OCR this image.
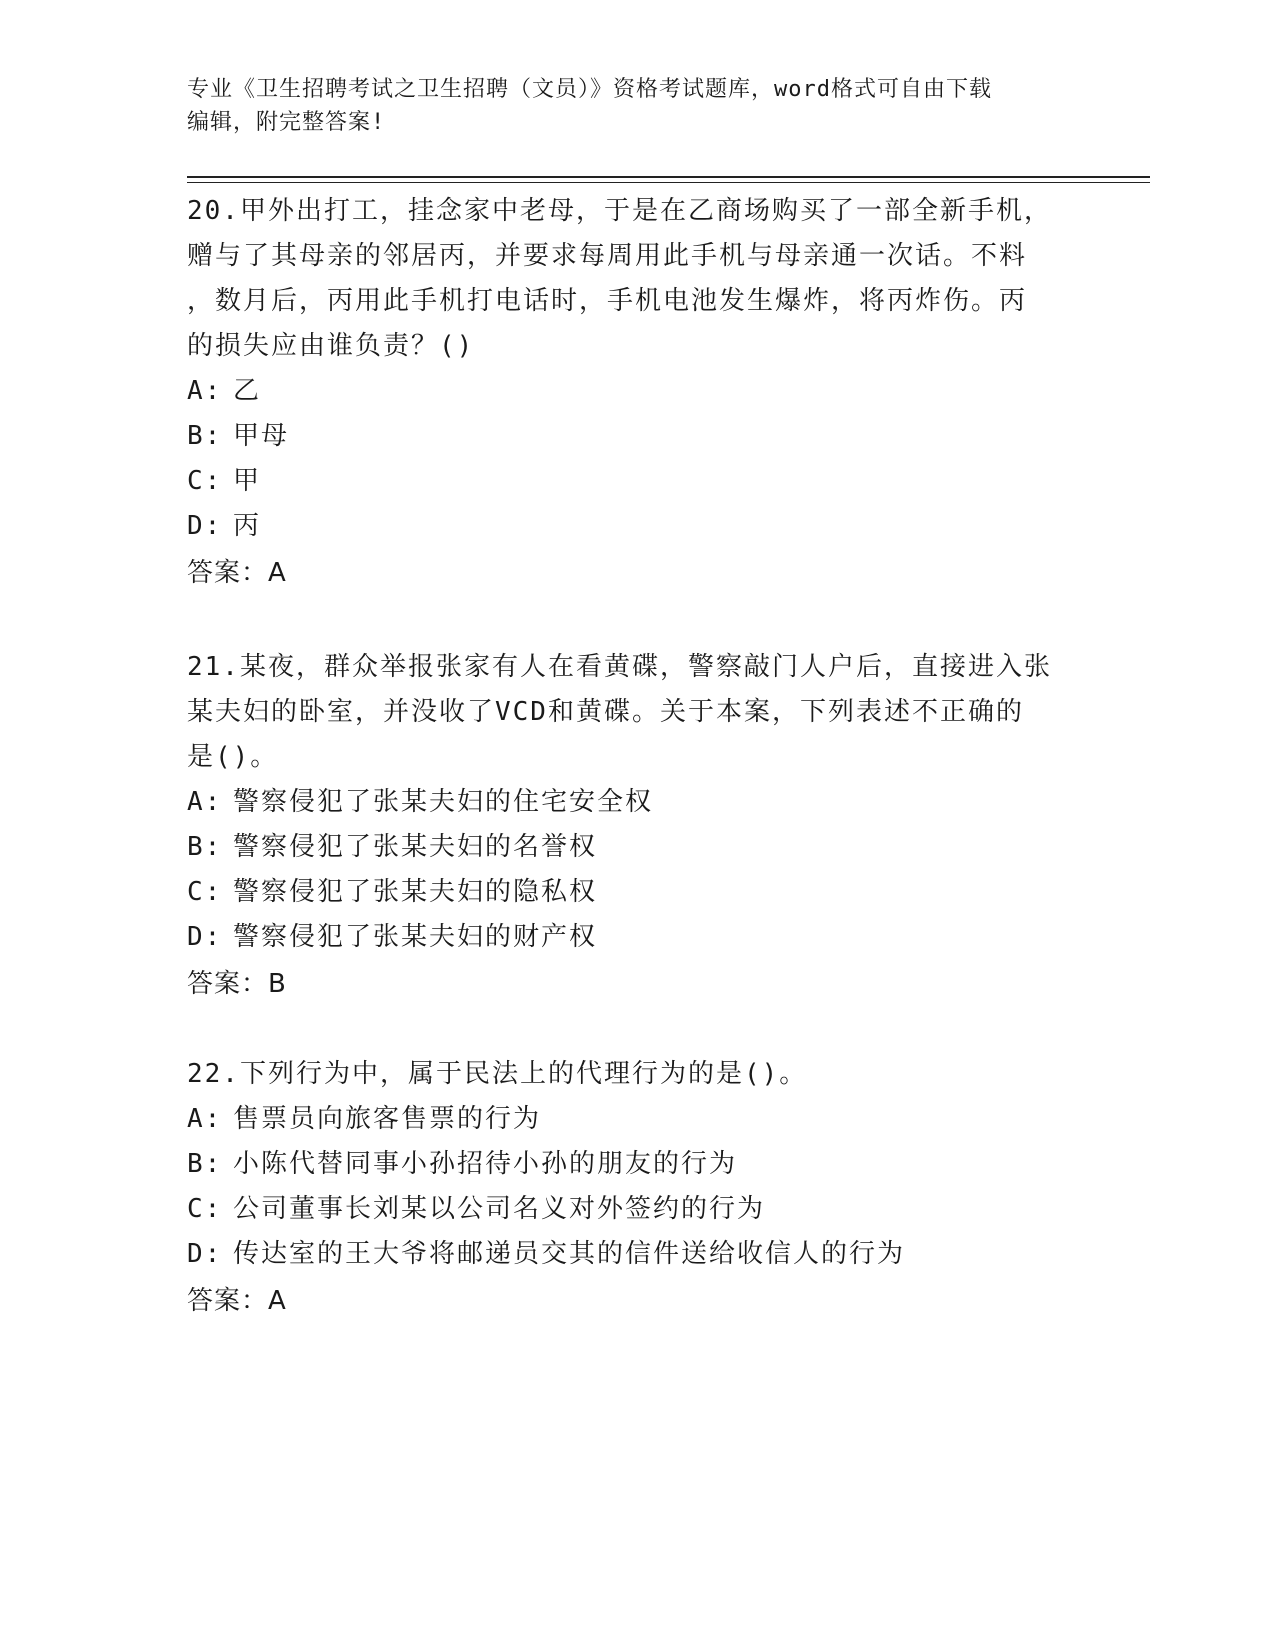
专业《卫生招聘考试之卫生招聘（文员）》资格考试题库，word格式可自由下载
编辑，附完整答案!

20.甲外出打工，挂念家中老母，于是在乙商场购买了一部全新手机，

赠与了其母亲的邻居丙，并要求每周用此手机与母亲通一次话。不料

，数月后，丙用此手机打电话时，手机电池发生爆炸，将丙炸伤。丙

的损失应由谁负责？()

A: 乙

B: 甲母

C: 甲

D: 丙

答案：A

21.某夜，群众举报张家有人在看黄碟，警察敲门人户后，直接进入张

某夫妇的卧室，并没收了VCD和黄碟。关于本案，下列表述不正确的

是()。

A: 警察侵犯了张某夫妇的住宅安全权

B: 警察侵犯了张某夫妇的名誉权

C: 警察侵犯了张某夫妇的隐私权

D: 警察侵犯了张某夫妇的财产权

答案：B

22.下列行为中，属于民法上的代理行为的是()。

A: 售票员向旅客售票的行为

B: 小陈代替同事小孙招待小孙的朋友的行为

C: 公司董事长刘某以公司名义对外签约的行为

D: 传达室的王大爷将邮递员交其的信件送给收信人的行为

答案：A
